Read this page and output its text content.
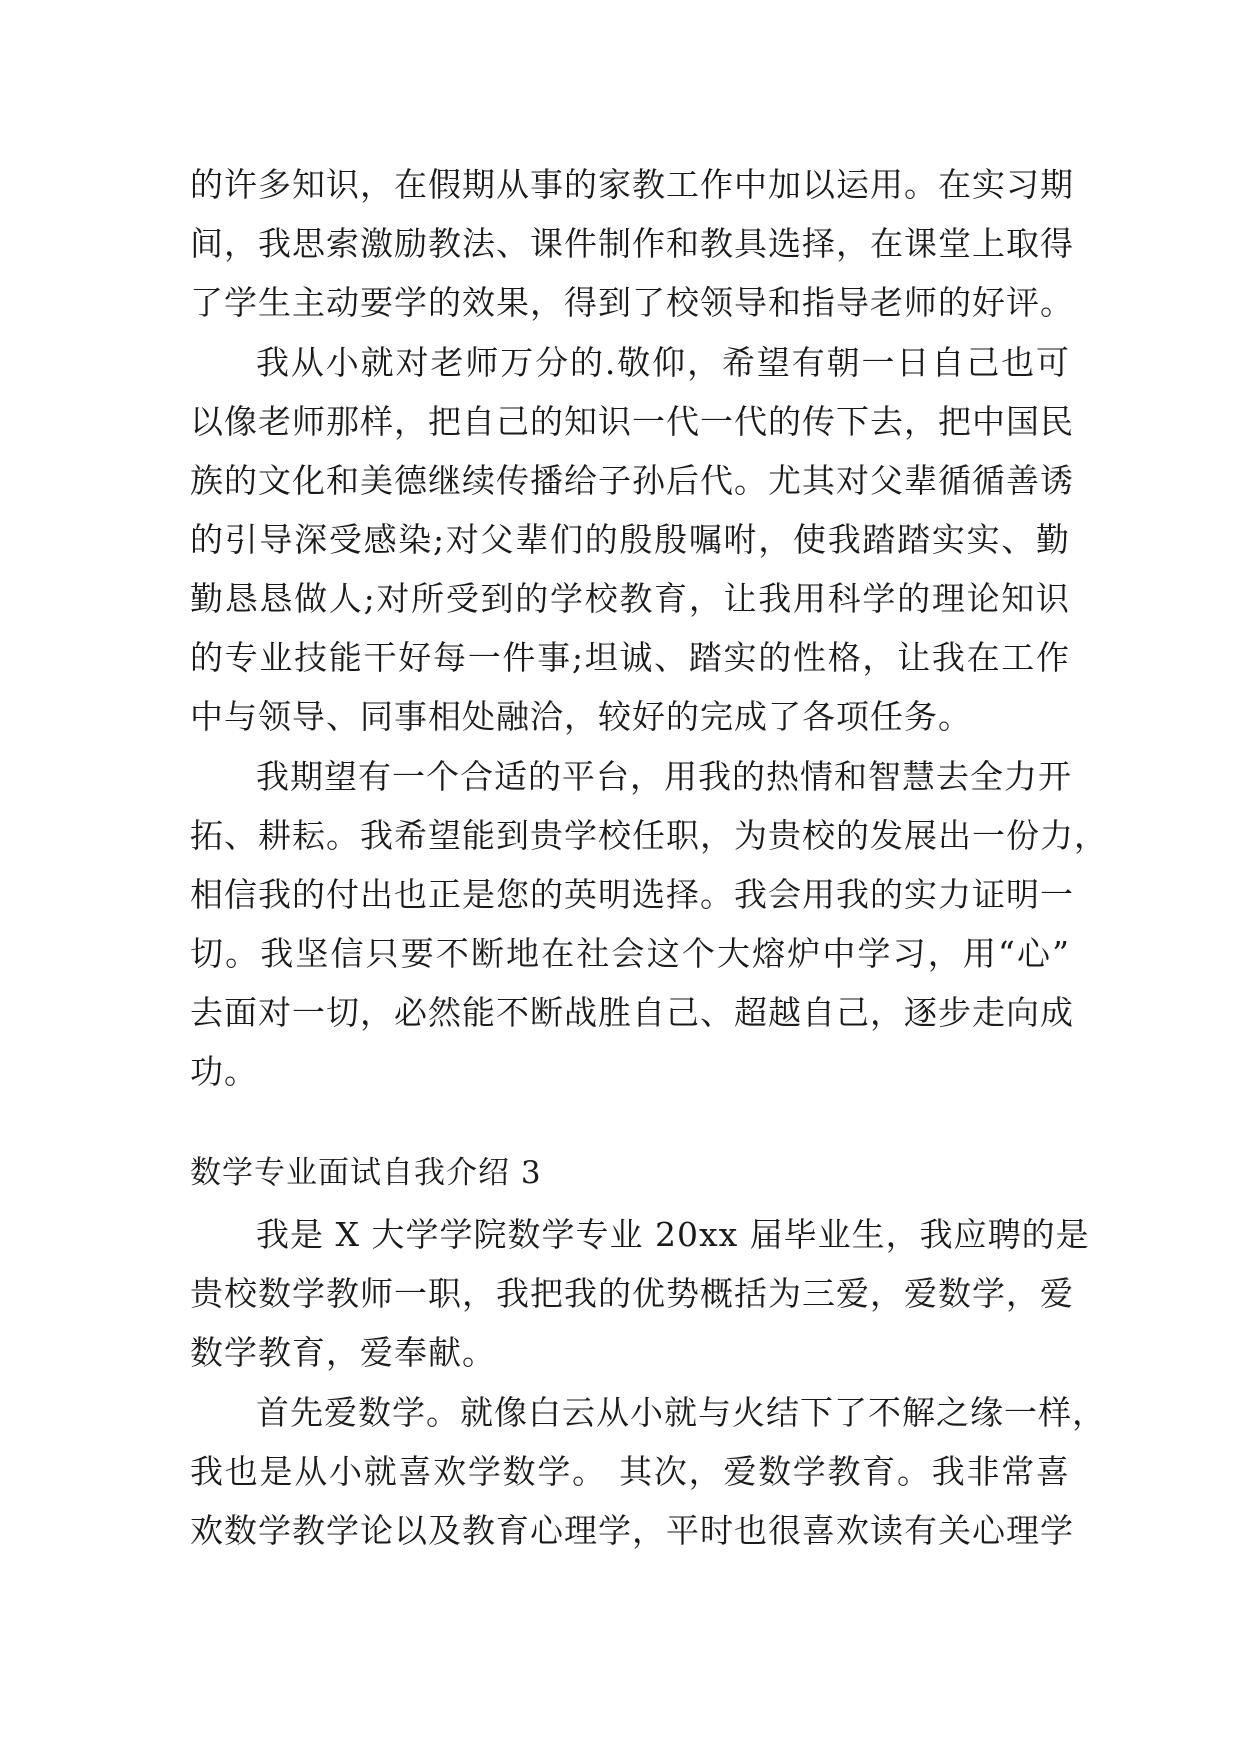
的许多知识，在假期从事的家教工作中加以运用。在实习期
间，我思索激励教法、课件制作和教具选择，在课堂上取得
了学生主动要学的效果，得到了校领导和指导老师的好评。
我从小就对老师万分的.敬仰，希望有朝一日自己也可
以像老师那样，把自己的知识一代一代的传下去，把中国民
族的文化和美德继续传播给子孙后代。尤其对父辈循循善诱
的引导深受感染;对父辈们的殷殷嘱咐，使我踏踏实实、勤
勤恳恳做人;对所受到的学校教育，让我用科学的理论知识
的专业技能干好每一件事;坦诚、踏实的性格，让我在工作
中与领导、同事相处融洽，较好的完成了各项任务。
我期望有一个合适的平台，用我的热情和智慧去全力开
拓、耕耘。我希望能到贵学校任职，为贵校的发展出一份力，
相信我的付出也正是您的英明选择。我会用我的实力证明一
切。我坚信只要不断地在社会这个大熔炉中学习，用“心”
去面对一切，必然能不断战胜自己、超越自己，逐步走向成
功。
数学专业面试自我介绍 3
我是 X 大学学院数学专业 20xx 届毕业生，我应聘的是
贵校数学教师一职，我把我的优势概括为三爱，爱数学，爱
数学教育，爱奉献。
首先爱数学。就像白云从小就与火结下了不解之缘一样，
我也是从小就喜欢学数学。 其次，爱数学教育。我非常喜
欢数学教学论以及教育心理学，平时也很喜欢读有关心理学
